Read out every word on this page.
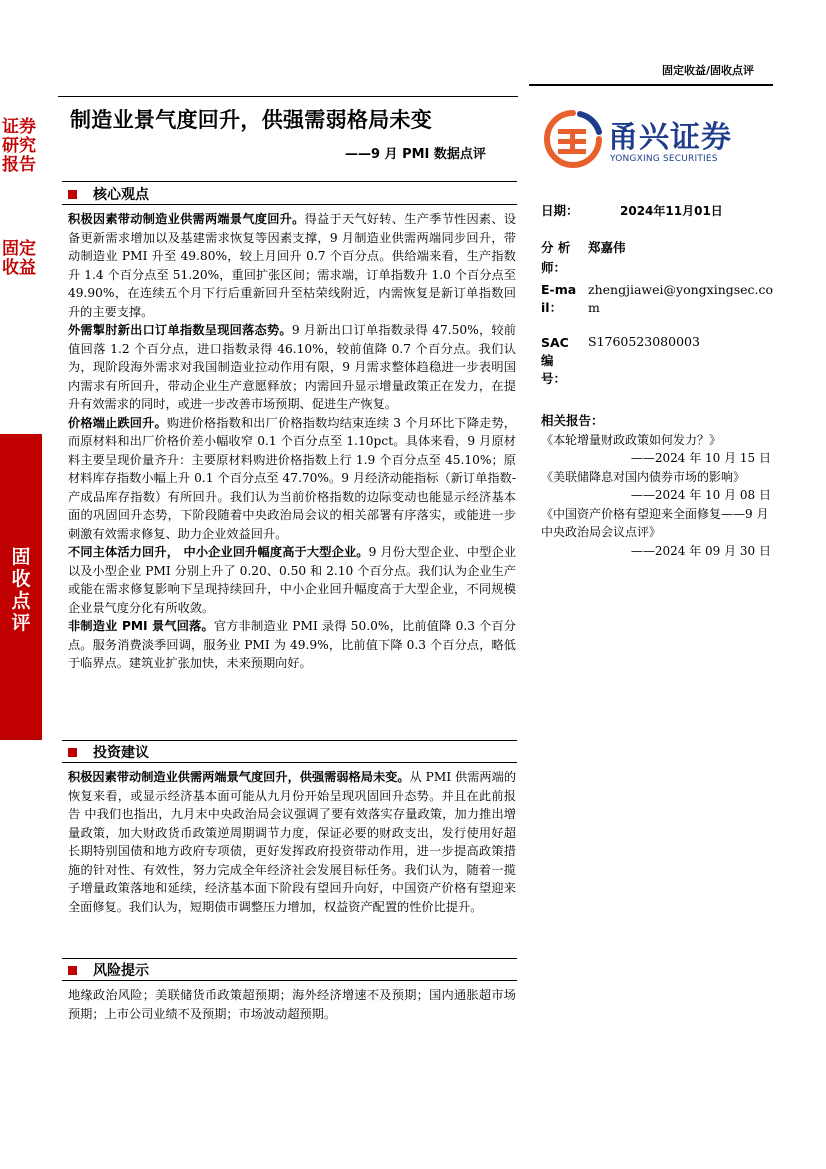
证券研究报告
固定收益
固收点评
固定收益/固收点评
制造业景气度回升，供强需弱格局未变
——9 月 PMI 数据点评	甬兴证券
YONGXING SECURITIES
核心观点

积极因素带动制造业供需两端景气度回升。得益于天气好转、生产季节性因素、设备更新需求增加以及基建需求恢复等因素支撑，9 月制造业供需两端同步回升，带动制造业 PMI 升至 49.80%，较上月回升 0.7 个百分点。供给端来看，生产指数升 1.4 个百分点至 51.20%，重回扩张区间；需求端，订单指数升 1.0 个百分点至 49.90%，在连续五个月下行后重新回升至枯荣线附近，内需恢复是新订单指数回升的主要支撑。

外需掣肘新出口订单指数呈现回落态势。9 月新出口订单指数录得 47.50%，较前值回落 1.2 个百分点，进口指数录得 46.10%，较前值降 0.7 个百分点。我们认为，现阶段海外需求对我国制造业拉动作用有限，9 月需求整体趋稳进一步表明国内需求有所回升，带动企业生产意愿释放；内需回升显示增量政策正在发力，在提升有效需求的同时，或进一步改善市场预期、促进生产恢复。

价格端止跌回升。购进价格指数和出厂价格指数均结束连续 3 个月环比下降走势，而原材料和出厂价格价差小幅收窄 0.1 个百分点至 1.10pct。具体来看，9 月原材料主要呈现价量齐升：主要原材料购进价格指数上行 1.9 个百分点至 45.10%；原材料库存指数小幅上升 0.1 个百分点至 47.70%。9 月经济动能指标（新订单指数-产成品库存指数）有所回升。我们认为当前价格指数的边际变动也能显示经济基本面的巩固回升态势，下阶段随着中央政治局会议的相关部署有序落实，或能进一步刺激有效需求修复、助力企业效益回升。

不同主体活力回升， 中小企业回升幅度高于大型企业。9 月份大型企业、中型企业以及小型企业 PMI 分别上升了 0.20、0.50 和 2.10 个百分点。我们认为企业生产或能在需求修复影响下呈现持续回升，中小企业回升幅度高于大型企业，不同规模企业景气度分化有所收敛。

非制造业 PMI 景气回落。官方非制造业 PMI 录得 50.0%，比前值降 0.3 个百分点。服务消费淡季回调，服务业 PMI 为 49.9%，比前值下降 0.3 个百分点，略低于临界点。建筑业扩张加快，未来预期向好。

投资建议

积极因素带动制造业供需两端景气度回升，供强需弱格局未变。从 PMI 供需两端的恢复来看，或显示经济基本面可能从九月份开始呈现巩固回升态势。并且在此前报告 中我们也指出，九月末中央政治局会议强调了要有效落实存量政策，加力推出增量政策，加大财政货币政策逆周期调节力度，保证必要的财政支出，发行使用好超长期特别国债和地方政府专项债，更好发挥政府投资带动作用，进一步提高政策措施的针对性、有效性，努力完成全年经济社会发展目标任务。我们认为，随着一揽子增量政策落地和延续，经济基本面下阶段有望回升向好，中国资产价格有望迎来全面修复。我们认为，短期债市调整压力增加，权益资产配置的性价比提升。

风险提示

地缘政治风险；美联储货币政策超预期；海外经济增速不及预期；国内通胀超市场预期；上市公司业绩不及预期；市场波动超预期。

日期：	2024年11月01日
分 析 师：
郑嘉伟
E-mail：
zhengjiawei@yongxingsec.com
SAC 编号：
S1760523080003
相关报告：
《本轮增量财政政策如何发力？》
——2024 年 10 月 15 日
《美联储降息对国内债券市场的影响》
——2024 年 10 月 08 日
《中国资产价格有望迎来全面修复——9 月中央政治局会议点评》
——2024 年 09 月 30 日
